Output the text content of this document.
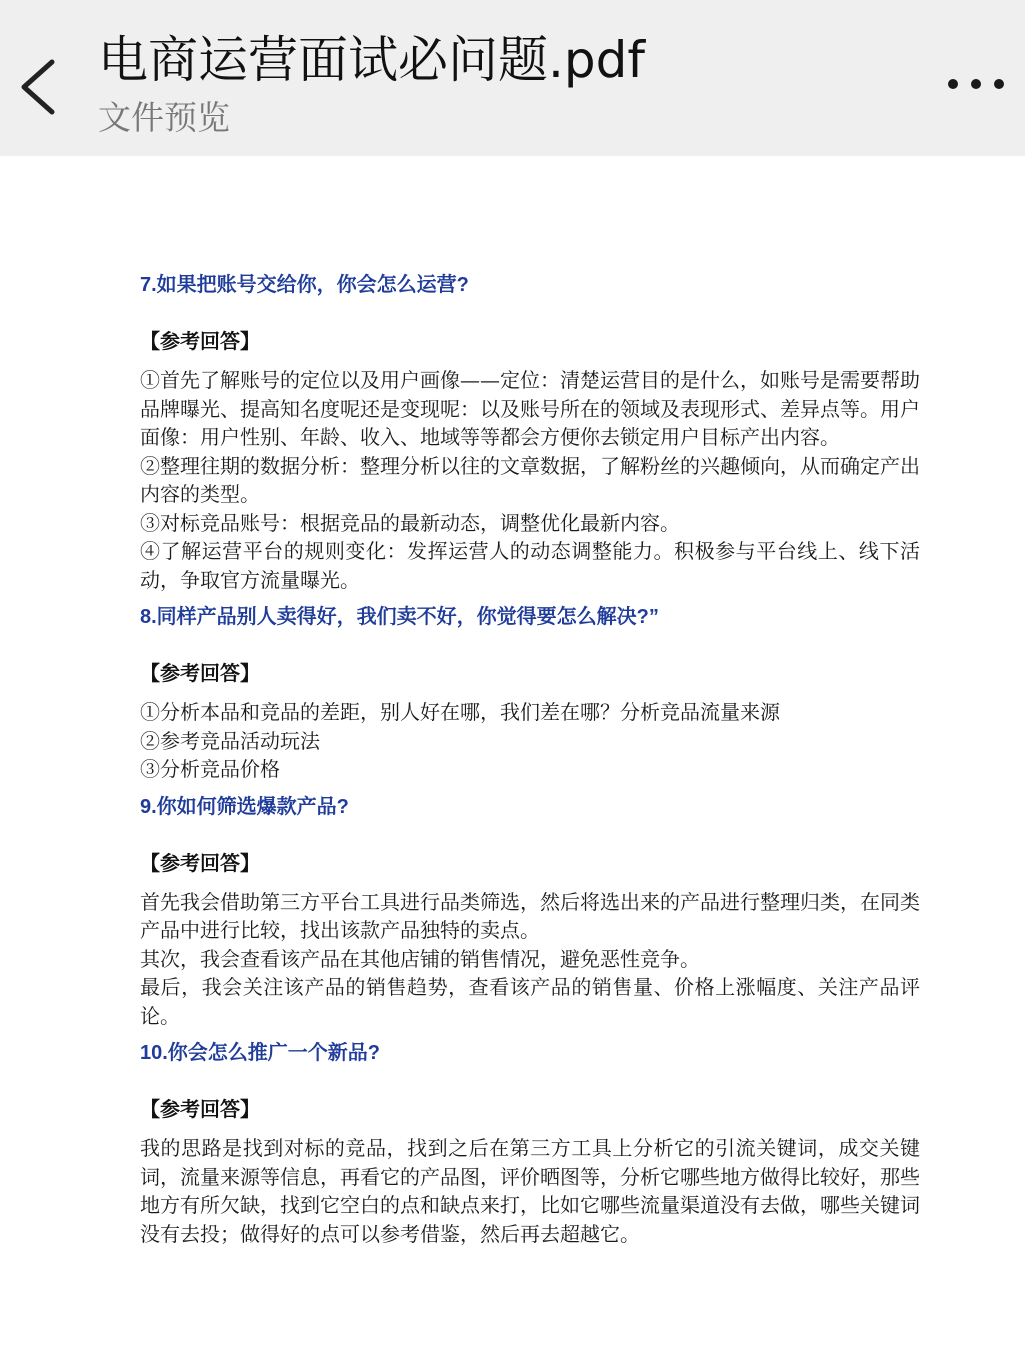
电商运营面试必问题.pdf
文件预览
7.如果把账号交给你，你会怎么运营?
【参考回答】

①首先了解账号的定位以及用户画像——定位：清楚运营目的是什么，如账号是需要帮助品牌曝光、提高知名度呢还是变现呢：以及账号所在的领域及表现形式、差异点等。用户面像：用户性别、年龄、收入、地域等等都会方便你去锁定用户目标产出内容。

②整理往期的数据分析：整理分析以往的文章数据，了解粉丝的兴趣倾向，从而确定产出内容的类型。

③对标竞品账号：根据竞品的最新动态，调整优化最新内容。

④了解运营平台的规则变化：发挥运营人的动态调整能力。积极参与平台线上、线下活动，争取官方流量曝光。

8.同样产品别人卖得好，我们卖不好，你觉得要怎么解决?”
【参考回答】

①分析本品和竞品的差距，别人好在哪，我们差在哪？分析竞品流量来源

②参考竞品活动玩法

③分析竞品价格

9.你如何筛选爆款产品?
【参考回答】

首先我会借助第三方平台工具进行品类筛选，然后将选出来的产品进行整理归类，在同类产品中进行比较，找出该款产品独特的卖点。

其次，我会查看该产品在其他店铺的销售情况，避免恶性竞争。

最后，我会关注该产品的销售趋势，查看该产品的销售量、价格上涨幅度、关注产品评论。

10.你会怎么推广一个新品?
【参考回答】

我的思路是找到对标的竞品，找到之后在第三方工具上分析它的引流关键词，成交关键词，流量来源等信息，再看它的产品图，评价晒图等，分析它哪些地方做得比较好，那些地方有所欠缺，找到它空白的点和缺点来打，比如它哪些流量渠道没有去做，哪些关键词没有去投；做得好的点可以参考借鉴，然后再去超越它。
